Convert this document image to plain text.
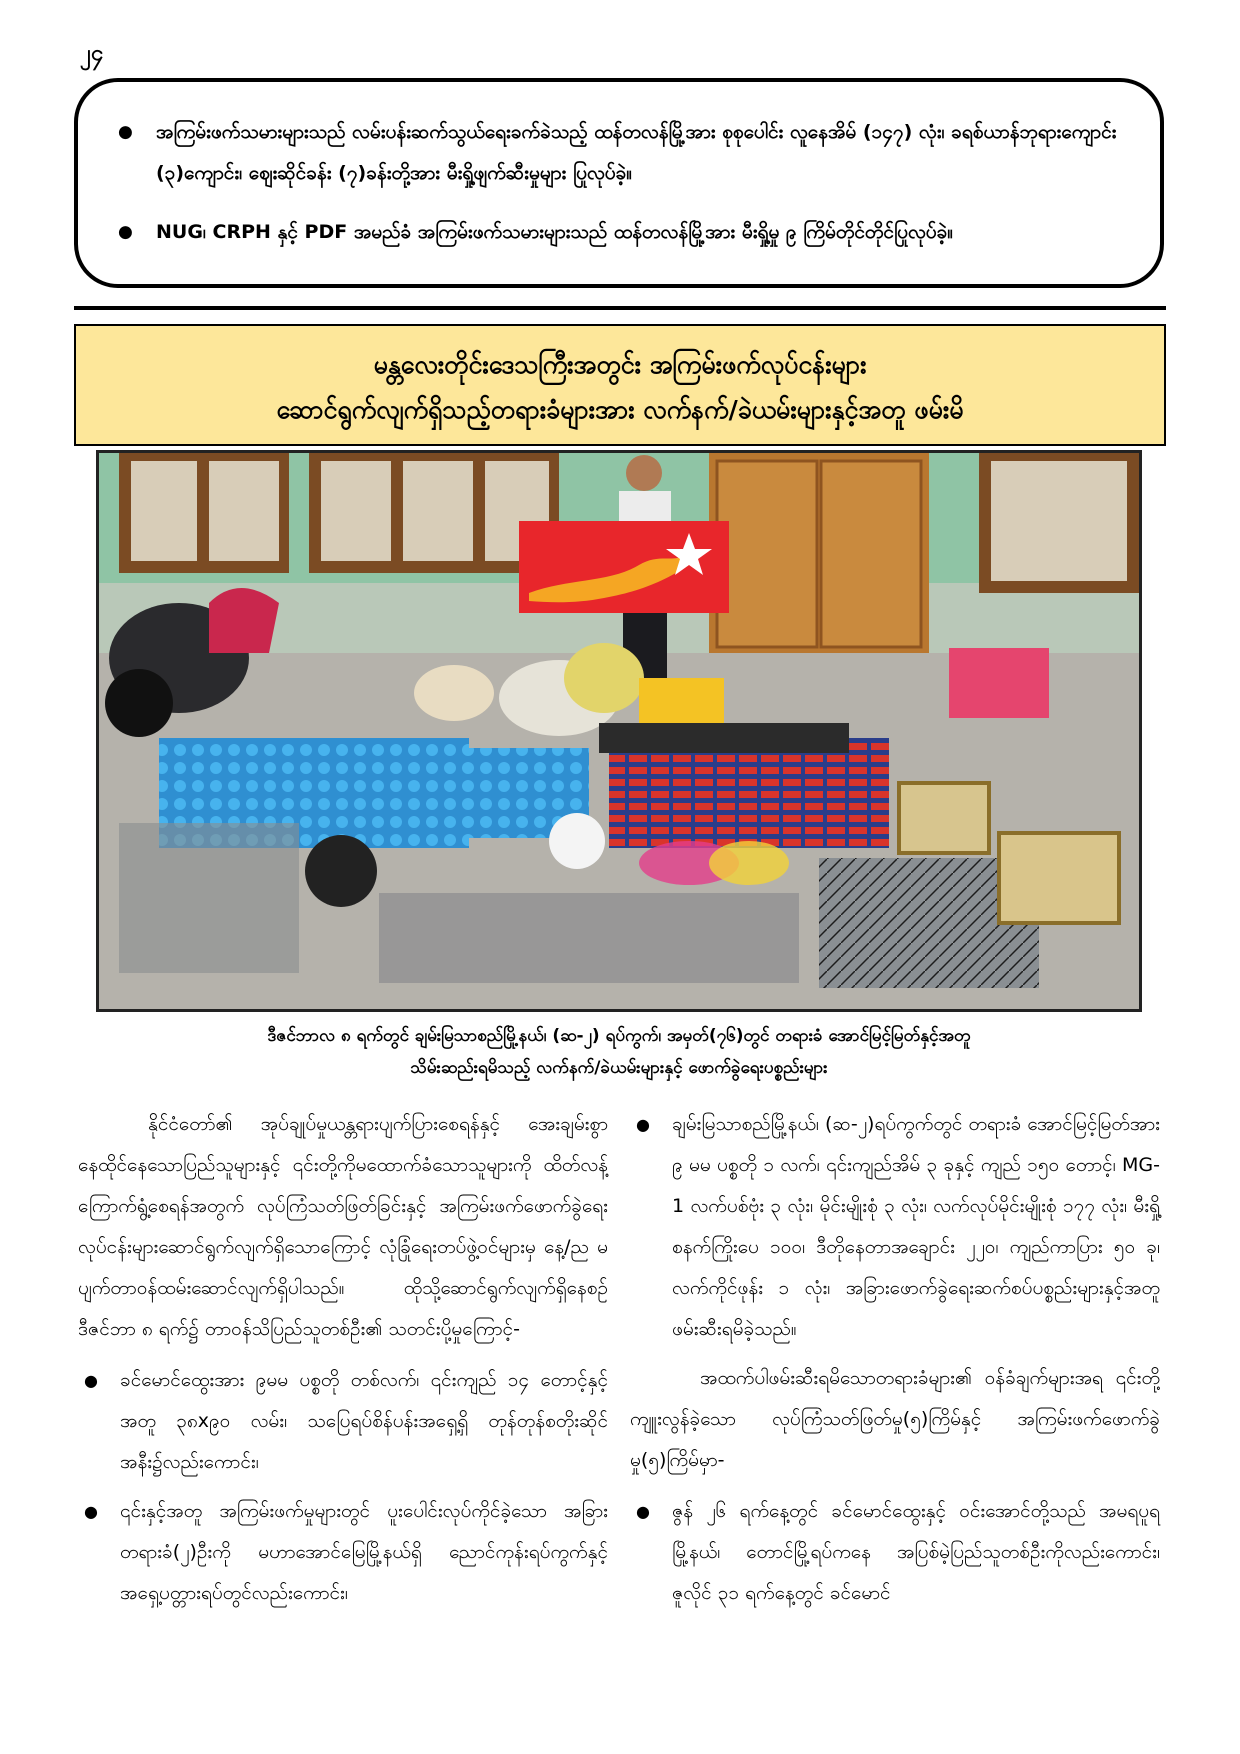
၂၄
● အကြမ်းဖက်သမားများသည် လမ်းပန်းဆက်သွယ်ရေးခက်ခဲသည့် ထန်တလန်မြို့အား စုစုပေါင်း လူနေအိမ် (၁၄၇) လုံး၊ ခရစ်ယာန်ဘုရားကျောင်း (၃)ကျောင်း၊ ဈေးဆိုင်ခန်း (၇)ခန်းတို့အား မီးရှို့ဖျက်ဆီးမှုများ ပြုလုပ်ခဲ့။
● NUG၊ CRPH နှင့် PDF အမည်ခံ အကြမ်းဖက်သမားများသည် ထန်တလန်မြို့အား မီးရှို့မှု ၉ ကြိမ်တိုင်တိုင်ပြုလုပ်ခဲ့။
မန္တလေးတိုင်းဒေသကြီးအတွင်း အကြမ်းဖက်လုပ်ငန်းများ
ဆောင်ရွက်လျက်ရှိသည့်တရားခံများအား လက်နက်/ခဲယမ်းများနှင့်အတူ ဖမ်းမိ
ဒီဇင်ဘာလ ၈ ရက်တွင် ချမ်းမြသာစည်မြို့နယ်၊ (ဆ-၂) ရပ်ကွက်၊ အမှတ်(၇၆)တွင် တရားခံ အောင်မြင့်မြတ်နှင့်အတူ
သိမ်းဆည်းရမိသည့် လက်နက်/ခဲယမ်းများနှင့် ဖောက်ခွဲရေးပစ္စည်းများ

နိုင်ငံတော်၏ အုပ်ချုပ်မှုယန္တရားပျက်ပြားစေရန်နှင့် အေးချမ်းစွာနေထိုင်နေသောပြည်သူများနှင့် ၎င်းတို့ကိုမထောက်ခံသောသူများကို ထိတ်လန့်ကြောက်ရွံ့စေရန်အတွက် လုပ်ကြံသတ်ဖြတ်ခြင်းနှင့် အကြမ်းဖက်ဖောက်ခွဲရေးလုပ်ငန်းများဆောင်ရွက်လျက်ရှိသောကြောင့် လုံခြုံရေးတပ်ဖွဲ့ဝင်များမှ နေ့/ည မပျက်တာဝန်ထမ်းဆောင်လျက်ရှိပါသည်။ ထိုသို့ဆောင်ရွက်လျက်ရှိနေစဉ် ဒီဇင်ဘာ ၈ ရက်၌ တာဝန်သိပြည်သူတစ်ဦး၏ သတင်းပို့မှုကြောင့်-

● ခင်မောင်ထွေးအား ၉မမ ပစ္စတို တစ်လက်၊ ၎င်းကျည် ၁၄ တောင့်နှင့်အတူ ၃၈x၉၀ လမ်း၊ သပြေရပ်စိန်ပန်းအရှေ့ရှိ တုန်တုန်စတိုးဆိုင်အနီး၌လည်းကောင်း၊
● ၎င်းနှင့်အတူ အကြမ်းဖက်မှုများတွင် ပူးပေါင်းလုပ်ကိုင်ခဲ့သော အခြားတရားခံ(၂)ဦးကို မဟာအောင်မြေမြို့နယ်ရှိ ညောင်ကုန်းရပ်ကွက်နှင့် အရှေ့ပတ္တားရပ်တွင်လည်းကောင်း၊
● ချမ်းမြသာစည်မြို့နယ်၊ (ဆ-၂)ရပ်ကွက်တွင် တရားခံ အောင်မြင့်မြတ်အား ၉ မမ ပစ္စတို ၁ လက်၊ ၎င်းကျည်အိမ် ၃ ခုနှင့် ကျည် ၁၅၀ တောင့်၊ MG-1 လက်ပစ်ဗုံး ၃ လုံး၊ မိုင်းမျိုးစုံ ၃ လုံး၊ လက်လုပ်မိုင်းမျိုးစုံ ၁၇၇ လုံး၊ မီးရှို့စနက်ကြိုးပေ ၁၀၀၊ ဒီတိုနေတာအချောင်း ၂၂၀၊ ကျည်ကာပြား ၅၀ ခု၊ လက်ကိုင်ဖုန်း ၁ လုံး၊ အခြားဖောက်ခွဲရေးဆက်စပ်ပစ္စည်းများနှင့်အတူ ဖမ်းဆီးရမိခဲ့သည်။

အထက်ပါဖမ်းဆီးရမိသောတရားခံများ၏ ဝန်ခံချက်များအရ ၎င်းတို့ကျူးလွန်ခဲ့သော လုပ်ကြံသတ်ဖြတ်မှု(၅)ကြိမ်နှင့် အကြမ်းဖက်ဖောက်ခွဲမှု(၅)ကြိမ်မှာ-

● ဇွန် ၂၆ ရက်နေ့တွင် ခင်မောင်ထွေးနှင့် ဝင်းအောင်တို့သည် အမရပူရမြို့နယ်၊ တောင်မြို့ရပ်ကနေ အပြစ်မဲ့ပြည်သူတစ်ဦးကိုလည်းကောင်း၊ ဇူလိုင် ၃၁ ရက်နေ့တွင် ခင်မောင်
